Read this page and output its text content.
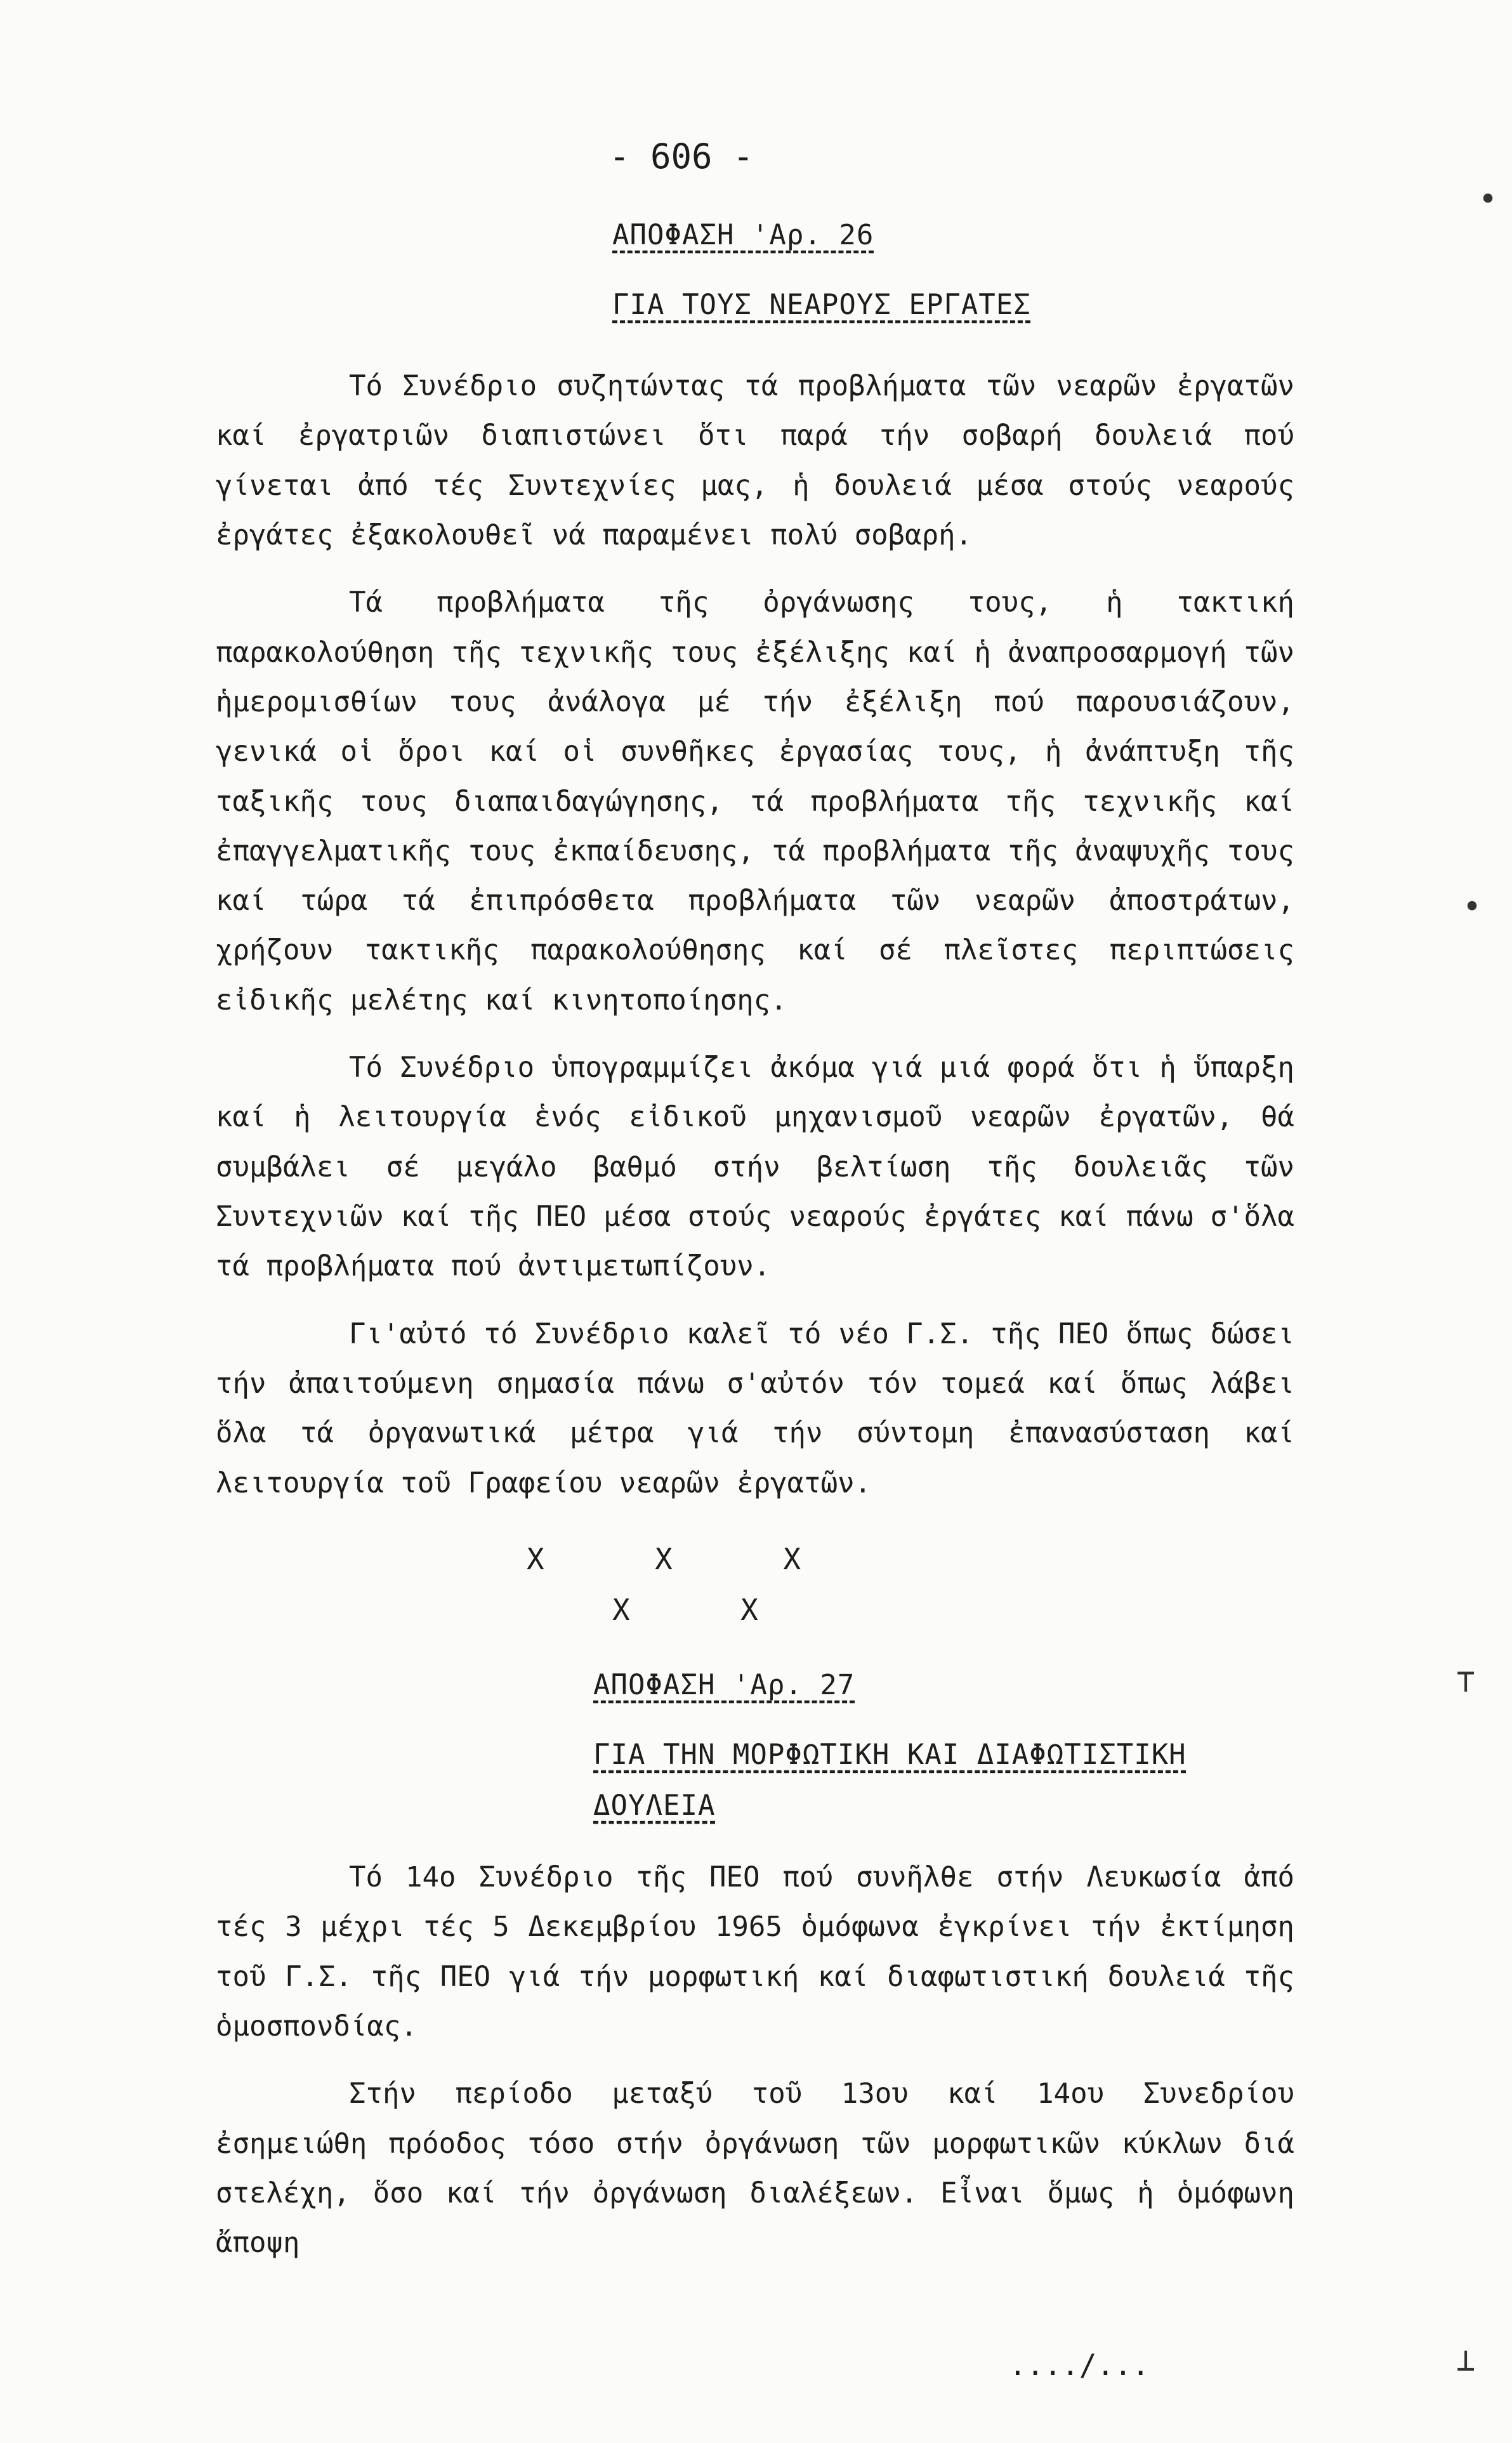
- 606 -
ΑΠΟΦΑΣΗ 'Αρ. 26
ΓΙΑ ΤΟΥΣ ΝΕΑΡΟΥΣ ΕΡΓΑΤΕΣ

Τό Συνέδριο συζητώντας τά προβλήματα τῶν νεαρῶν ἐργατῶν καί ἐργατριῶν διαπιστώνει ὅτι παρά τήν σοβαρή δουλειά πού γίνεται ἀπό τές Συντεχνίες μας, ἡ δουλειά μέσα στούς νεαρούς ἐργάτες ἐξακολουθεῖ νά παραμένει πολύ σοβαρή.

Τά προβλήματα τῆς ὀργάνωσης τους, ἡ τακτική παρακολούθηση τῆς τεχνικῆς τους ἐξέλιξης καί ἡ ἀναπροσαρμογή τῶν ἡμερομισθίων τους ἀνάλογα μέ τήν ἐξέλιξη πού παρουσιάζουν, γενικά οἱ ὅροι καί οἱ συνθῆκες ἐργασίας τους, ἡ ἀνάπτυξη τῆς ταξικῆς τους διαπαιδαγώγησης, τά προβλήματα τῆς τεχνικῆς καί ἐπαγγελματικῆς τους ἐκπαίδευσης, τά προβλήματα τῆς ἀναψυχῆς τους καί τώρα τά ἐπιπρόσθετα προβλήματα τῶν νεαρῶν ἀποστράτων, χρήζουν τακτικῆς παρακολούθησης καί σέ πλεῖστες περιπτώσεις εἰδικῆς μελέτης καί κινητοποίησης.

Τό Συνέδριο ὑπογραμμίζει ἀκόμα γιά μιά φορά ὅτι ἡ ὕπαρξη καί ἡ λειτουργία ἑνός εἰδικοῦ μηχανισμοῦ νεαρῶν ἐργατῶν, θά συμβάλει σέ μεγάλο βαθμό στήν βελτίωση τῆς δουλειᾶς τῶν Συντεχνιῶν καί τῆς ΠΕΟ μέσα στούς νεαρούς ἐργάτες καί πάνω σ'ὅλα τά προβλήματα πού ἀντιμετωπίζουν.

Γι'αὐτό τό Συνέδριο καλεῖ τό νέο Γ.Σ. τῆς ΠΕΟ ὅπως δώσει τήν ἀπαιτούμενη σημασία πάνω σ'αὐτόν τόν τομεά καί ὅπως λάβει ὅλα τά ὀργανωτικά μέτρα γιά τήν σύντομη ἐπανασύσταση καί λειτουργία τοῦ Γραφείου νεαρῶν ἐργατῶν.

X     X     X
X     X
ΑΠΟΦΑΣΗ 'Αρ. 27
ΓΙΑ ΤΗΝ ΜΟΡΦΩΤΙΚΗ ΚΑΙ ΔΙΑΦΩΤΙΣΤΙΚΗ
ΔΟΥΛΕΙΑ

Τό 14ο Συνέδριο τῆς ΠΕΟ πού συνῆλθε στήν Λευκωσία ἀπό τές 3 μέχρι τές 5 Δεκεμβρίου 1965 ὁμόφωνα ἐγκρίνει τήν ἐκτίμηση τοῦ Γ.Σ. τῆς ΠΕΟ γιά τήν μορφωτική καί διαφωτιστική δουλειά τῆς ὁμοσπονδίας.

Στήν περίοδο μεταξύ τοῦ 13ου καί 14ου Συνεδρίου ἐσημειώθη πρόοδος τόσο στήν ὀργάνωση τῶν μορφωτικῶν κύκλων διά στελέχη, ὅσο καί τήν ὀργάνωση διαλέξεων. Εἶναι ὅμως ἡ ὁμόφωνη ἄποψη

..../...
•
•
⊤
⊥
